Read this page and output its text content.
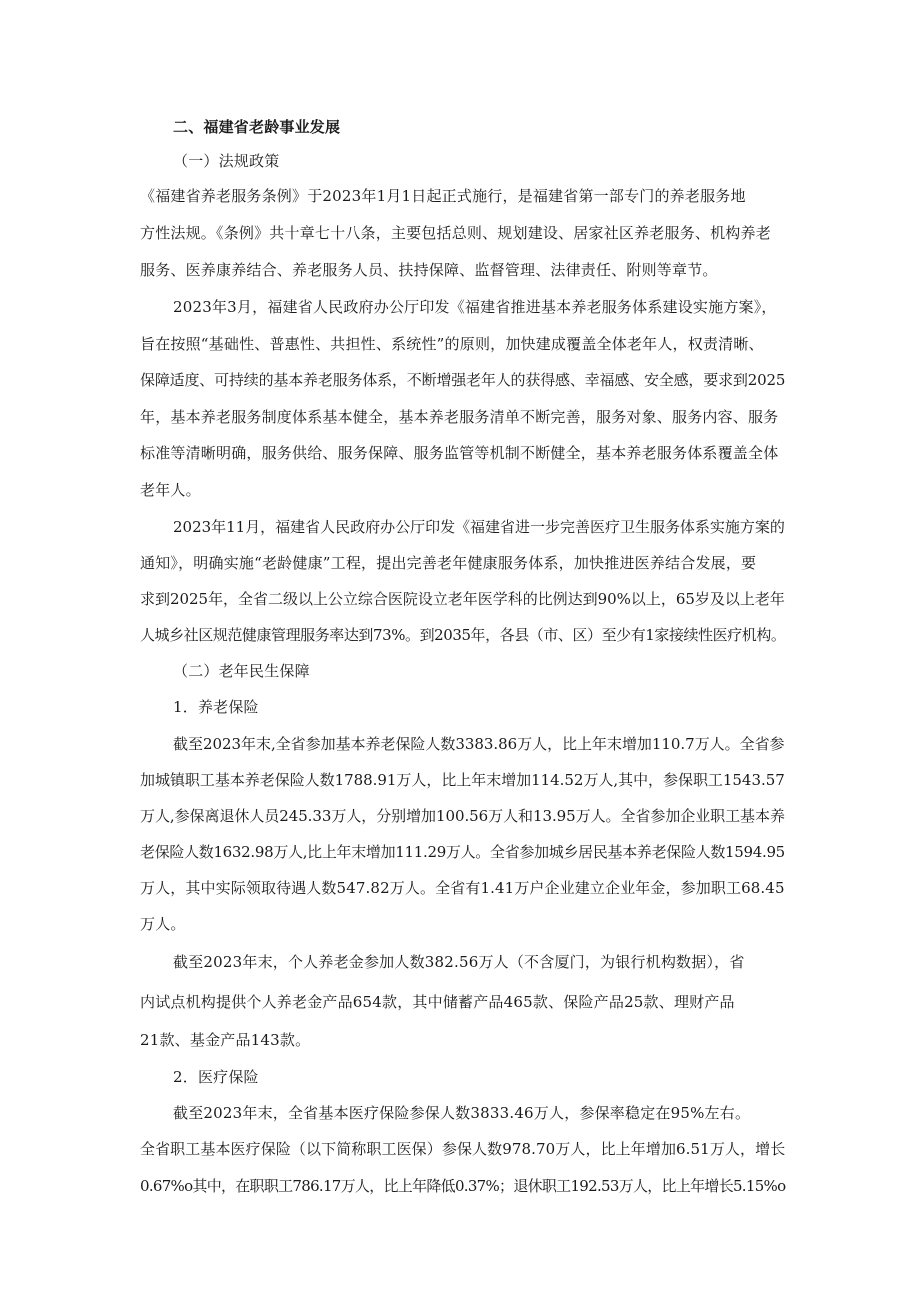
二、福建省老龄事业发展
（一）法规政策
《福建省养老服务条例》于2023年1月1日起正式施行，是福建省第一部专门的养老服务地
方性法规。《条例》共十章七十八条，主要包括总则、规划建设、居家社区养老服务、机构养老
服务、医养康养结合、养老服务人员、扶持保障、监督管理、法律责任、附则等章节。
2023年3月，福建省人民政府办公厅印发《福建省推进基本养老服务体系建设实施方案》，
旨在按照“基础性、普惠性、共担性、系统性”的原则，加快建成覆盖全体老年人，权责清晰、
保障适度、可持续的基本养老服务体系，不断增强老年人的获得感、幸福感、安全感，要求到2025
年，基本养老服务制度体系基本健全，基本养老服务清单不断完善，服务对象、服务内容、服务
标准等清晰明确，服务供给、服务保障、服务监管等机制不断健全，基本养老服务体系覆盖全体
老年人。
2023年11月，福建省人民政府办公厅印发《福建省进一步完善医疗卫生服务体系实施方案的
通知》，明确实施“老龄健康”工程，提出完善老年健康服务体系，加快推进医养结合发展，要
求到2025年，全省二级以上公立综合医院设立老年医学科的比例达到90%以上，65岁及以上老年
人城乡社区规范健康管理服务率达到73%。到2035年，各县（市、区）至少有1家接续性医疗机构。
（二）老年民生保障
1．养老保险
截至2023年末,全省参加基本养老保险人数3383.86万人，比上年末增加110.7万人。全省参
加城镇职工基本养老保险人数1788.91万人，比上年末增加114.52万人,其中，参保职工1543.57
万人,参保离退休人员245.33万人，分别增加100.56万人和13.95万人。全省参加企业职工基本养
老保险人数1632.98万人,比上年末增加111.29万人。全省参加城乡居民基本养老保险人数1594.95
万人，其中实际领取待遇人数547.82万人。全省有1.41万户企业建立企业年金，参加职工68.45
万人。
截至2023年末，个人养老金参加人数382.56万人（不含厦门，为银行机构数据），省
内试点机构提供个人养老金产品654款，其中储蓄产品465款、保险产品25款、理财产品
21款、基金产品143款。
2．医疗保险
截至2023年末，全省基本医疗保险参保人数3833.46万人，参保率稳定在95%左右。
全省职工基本医疗保险（以下简称职工医保）参保人数978.70万人，比上年增加6.51万人，增长
0.67%o其中，在职职工786.17万人，比上年降低0.37%；退休职工192.53万人，比上年增长5.15%o
